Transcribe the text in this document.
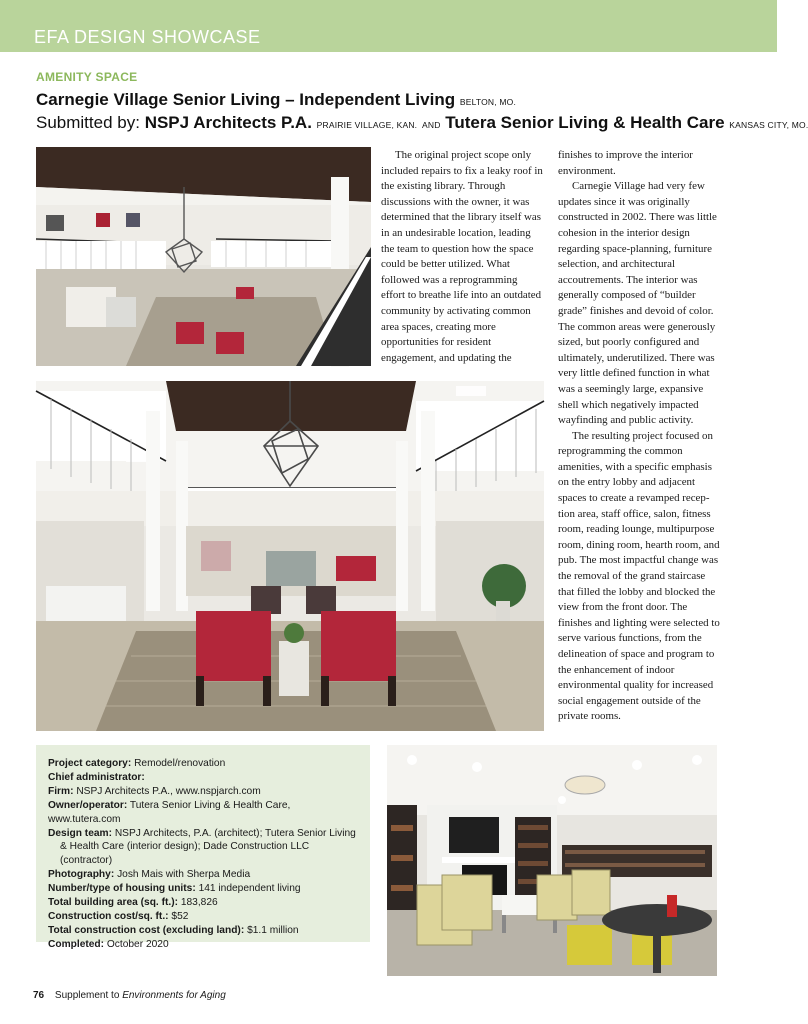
EFA DESIGN SHOWCASE
AMENITY SPACE
Carnegie Village Senior Living – Independent Living BELTON, MO.
Submitted by: NSPJ Architects P.A. PRAIRIE VILLAGE, KAN. AND Tutera Senior Living & Health Care KANSAS CITY, MO.

The original project scope only included repairs to fix a leaky roof in the existing library. Through discussions with the owner, it was determined that the library itself was in an undesirable location, leading the team to question how the space could be better utilized. What followed was a reprogramming effort to breathe life into an outdated community by activating common area spaces, creating more opportunities for resident engagement, and updating the

finishes to improve the interior environment.

Carnegie Village had very few updates since it was originally constructed in 2002. There was little cohesion in the interior design regarding space-planning, furniture selection, and architectural accoutrements. The interior was generally composed of “builder grade” finishes and devoid of color. The common areas were generously sized, but poorly configured and ultimately, underutilized. There was very little defined function in what was a seemingly large, expansive shell which negatively impacted wayfinding and public activity.

The resulting project focused on reprogramming the common amenities, with a specific emphasis on the entry lobby and adjacent spaces to create a revamped reception area, staff office, salon, fitness room, reading lounge, multipurpose room, dining room, hearth room, and pub. The most impactful change was the removal of the grand staircase that filled the lobby and blocked the view from the front door. The finishes and lighting were selected to serve various functions, from the delineation of space and program to the enhancement of indoor environmental quality for increased social engagement outside of the private rooms.

Project category: Remodel/renovation

Chief administrator:

Firm: NSPJ Architects P.A., www.nspjarch.com

Owner/operator: Tutera Senior Living & Health Care, www.tutera.com

Design team: NSPJ Architects, P.A. (architect); Tutera Senior Living & Health Care (interior design); Dade Construction LLC (contractor)

Photography: Josh Mais with Sherpa Media

Number/type of housing units: 141 independent living

Total building area (sq. ft.): 183,826

Construction cost/sq. ft.: $52

Total construction cost (excluding land): $1.1 million

Completed: October 2020

76 Supplement to Environments for Aging
